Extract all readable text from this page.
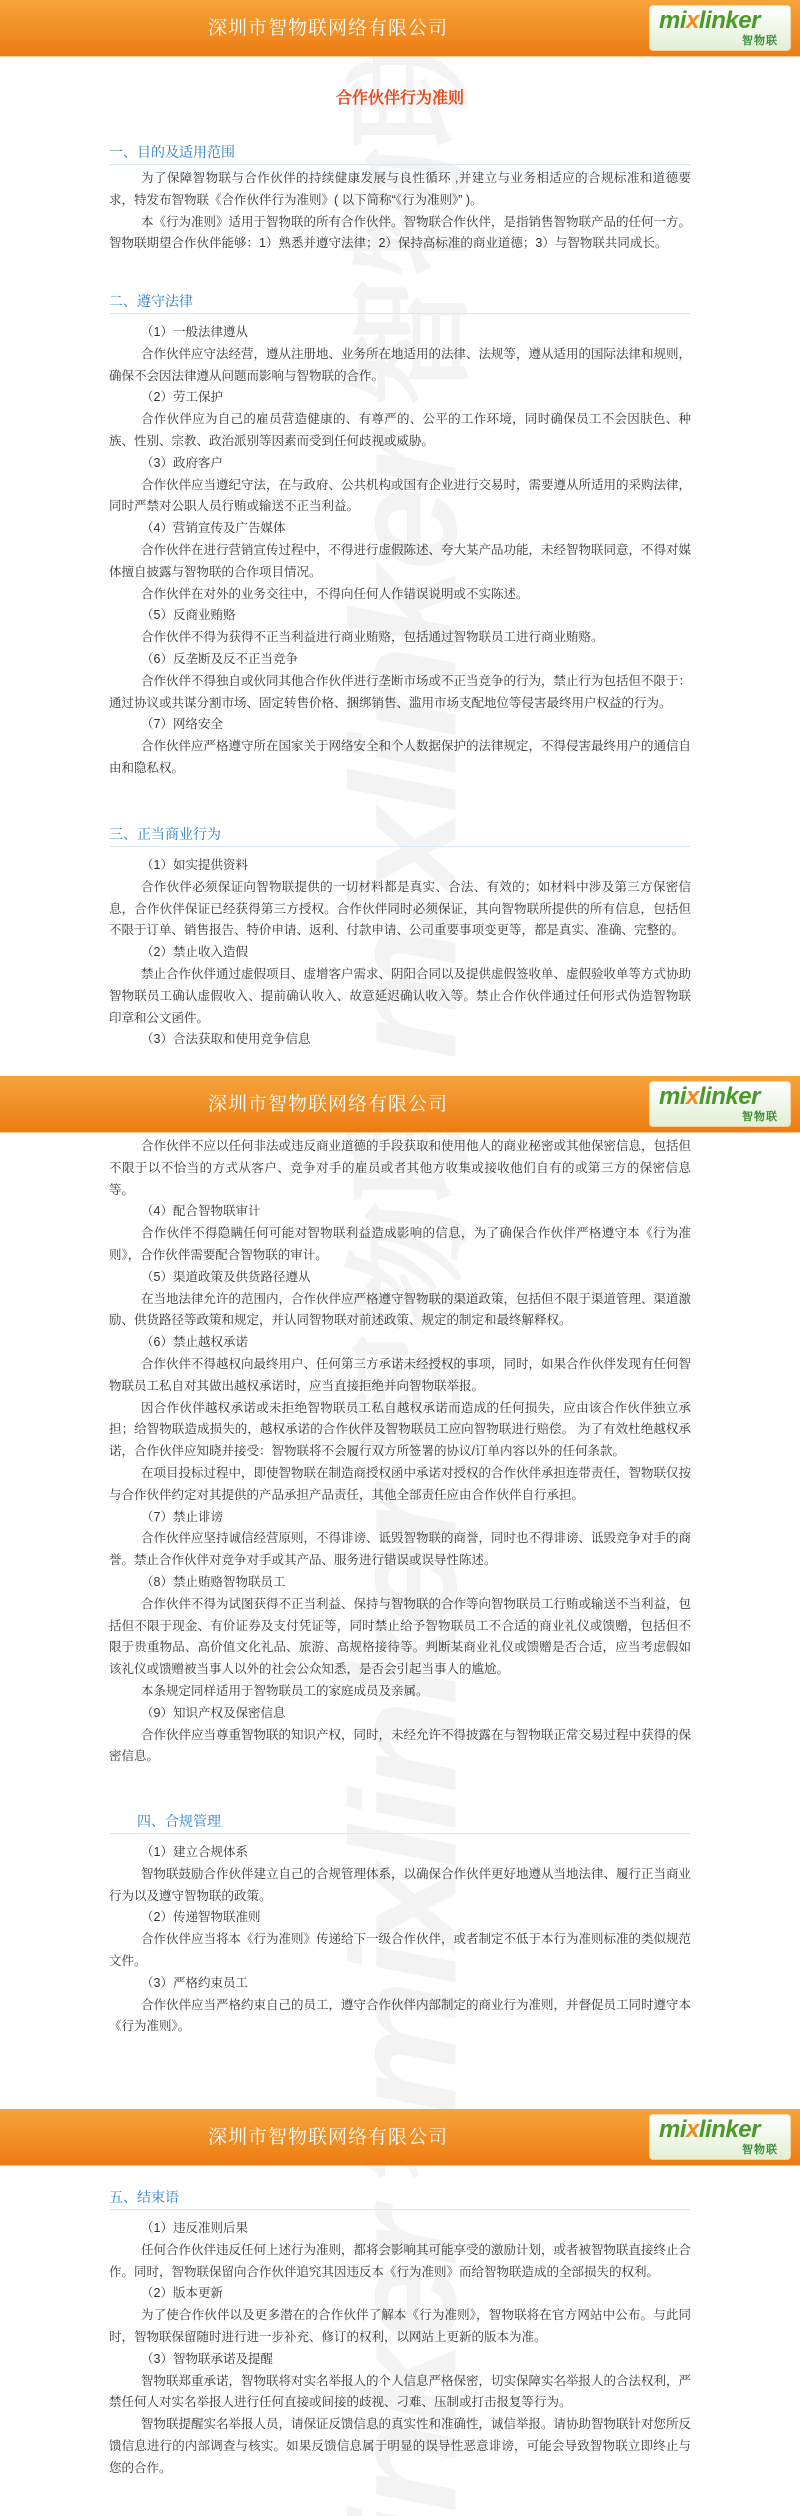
深圳市智物联网络有限公司	mixlinker
智物联
合作伙伴行为准则
一、目的及适用范围

为了保障智物联与合作伙伴的持续健康发展与良性循环 ,并建立与业务相适应的合规标准和道德要求，特发布智物联《合作伙伴行为准则》( 以下简称“《行为准则》” )。

本《行为准则》适用于智物联的所有合作伙伴。智物联合作伙伴，是指销售智物联产品的任何一方。智物联期望合作伙伴能够：1）熟悉并遵守法律；2）保持高标准的商业道德；3）与智物联共同成长。

二、遵守法律
（1）一般法律遵从

合作伙伴应守法经营，遵从注册地、业务所在地适用的法律、法规等，遵从适用的国际法律和规则，确保不会因法律遵从问题而影响与智物联的合作。

（2）劳工保护

合作伙伴应为自己的雇员营造健康的、有尊严的、公平的工作环境，同时确保员工不会因肤色、种族、性别、宗教、政治派别等因素而受到任何歧视或威胁。

（3）政府客户

合作伙伴应当遵纪守法，在与政府、公共机构或国有企业进行交易时，需要遵从所适用的采购法律，同时严禁对公职人员行贿或输送不正当利益。

（4）营销宣传及广告媒体

合作伙伴在进行营销宣传过程中，不得进行虚假陈述、夸大某产品功能，未经智物联同意，不得对媒体擅自披露与智物联的合作项目情况。

合作伙伴在对外的业务交往中，不得向任何人作错误说明或不实陈述。

（5）反商业贿赂

合作伙伴不得为获得不正当利益进行商业贿赂，包括通过智物联员工进行商业贿赂。

（6）反垄断及反不正当竞争

合作伙伴不得独自或伙同其他合作伙伴进行垄断市场或不正当竞争的行为，禁止行为包括但不限于：通过协议或共谋分割市场、固定转售价格、捆绑销售、滥用市场支配地位等侵害最终用户权益的行为。

（7）网络安全

合作伙伴应严格遵守所在国家关于网络安全和个人数据保护的法律规定，不得侵害最终用户的通信自由和隐私权。

三、正当商业行为
（1）如实提供资料

合作伙伴必须保证向智物联提供的一切材料都是真实、合法、有效的；如材料中涉及第三方保密信息，合作伙伴保证已经获得第三方授权。合作伙伴同时必须保证，其向智物联所提供的所有信息，包括但不限于订单、销售报告、特价申请、返利、付款申请、公司重要事项变更等，都是真实、准确、完整的。

（2）禁止收入造假

禁止合作伙伴通过虚假项目、虚增客户需求、阴阳合同以及提供虚假签收单、虚假验收单等方式协助智物联员工确认虚假收入、提前确认收入、故意延迟确认收入等。禁止合作伙伴通过任何形式伪造智物联印章和公文函件。

（3）合法获取和使用竞争信息
深圳市智物联网络有限公司	mixlinker
智物联

合作伙伴不应以任何非法或违反商业道德的手段获取和使用他人的商业秘密或其他保密信息，包括但不限于以不恰当的方式从客户、竞争对手的雇员或者其他方收集或接收他们自有的或第三方的保密信息等。

（4）配合智物联审计

合作伙伴不得隐瞒任何可能对智物联利益造成影响的信息，为了确保合作伙伴严格遵守本《行为准则》，合作伙伴需要配合智物联的审计。

（5）渠道政策及供货路径遵从

在当地法律允许的范围内，合作伙伴应严格遵守智物联的渠道政策，包括但不限于渠道管理、渠道激励、供货路径等政策和规定，并认同智物联对前述政策、规定的制定和最终解释权。

（6）禁止越权承诺

合作伙伴不得越权向最终用户、任何第三方承诺未经授权的事项，同时，如果合作伙伴发现有任何智物联员工私自对其做出越权承诺时，应当直接拒绝并向智物联举报。

因合作伙伴越权承诺或未拒绝智物联员工私自越权承诺而造成的任何损失，应由该合作伙伴独立承担；给智物联造成损失的，越权承诺的合作伙伴及智物联员工应向智物联进行赔偿。 为了有效杜绝越权承诺，合作伙伴应知晓并接受：智物联将不会履行双方所签署的协议/订单内容以外的任何条款。

在项目投标过程中，即使智物联在制造商授权函中承诺对授权的合作伙伴承担连带责任，智物联仅按与合作伙伴约定对其提供的产品承担产品责任，其他全部责任应由合作伙伴自行承担。

（7）禁止诽谤

合作伙伴应坚持诚信经营原则，不得诽谤、诋毁智物联的商誉，同时也不得诽谤、诋毁竞争对手的商誉。禁止合作伙伴对竞争对手或其产品、服务进行错误或误导性陈述。

（8）禁止贿赂智物联员工

合作伙伴不得为试图获得不正当利益、保持与智物联的合作等向智物联员工行贿或输送不当利益，包括但不限于现金、有价证券及支付凭证等，同时禁止给予智物联员工不合适的商业礼仪或馈赠，包括但不限于贵重物品、高价值文化礼品、旅游、高规格接待等。判断某商业礼仪或馈赠是否合适，应当考虑假如该礼仪或馈赠被当事人以外的社会公众知悉，是否会引起当事人的尴尬。

本条规定同样适用于智物联员工的家庭成员及亲属。

（9）知识产权及保密信息

合作伙伴应当尊重智物联的知识产权，同时，未经允许不得披露在与智物联正常交易过程中获得的保密信息。

四、合规管理
（1）建立合规体系

智物联鼓励合作伙伴建立自己的合规管理体系，以确保合作伙伴更好地遵从当地法律、履行正当商业行为以及遵守智物联的政策。

（2）传递智物联准则

合作伙伴应当将本《行为准则》传递给下一级合作伙伴，或者制定不低于本行为准则标准的类似规范文件。

（3）严格约束员工

合作伙伴应当严格约束自己的员工，遵守合作伙伴内部制定的商业行为准则，并督促员工同时遵守本《行为准则》。

深圳市智物联网络有限公司	mixlinker
智物联
五、结束语
（1）违反准则后果

任何合作伙伴违反任何上述行为准则，都将会影响其可能享受的激励计划，或者被智物联直接终止合作。同时，智物联保留向合作伙伴追究其因违反本《行为准则》而给智物联造成的全部损失的权利。

（2）版本更新

为了使合作伙伴以及更多潜在的合作伙伴了解本《行为准则》，智物联将在官方网站中公布。与此同时，智物联保留随时进行进一步补充、修订的权利，以网站上更新的版本为准。

（3）智物联承诺及提醒

智物联郑重承诺，智物联将对实名举报人的个人信息严格保密，切实保障实名举报人的合法权利，严禁任何人对实名举报人进行任何直接或间接的歧视、刁难、压制或打击报复等行为。

智物联提醒实名举报人员，请保证反馈信息的真实性和准确性，诚信举报。请协助智物联针对您所反馈信息进行的内部调查与核实。如果反馈信息属于明显的误导性恶意诽谤，可能会导致智物联立即终止与您的合作。
